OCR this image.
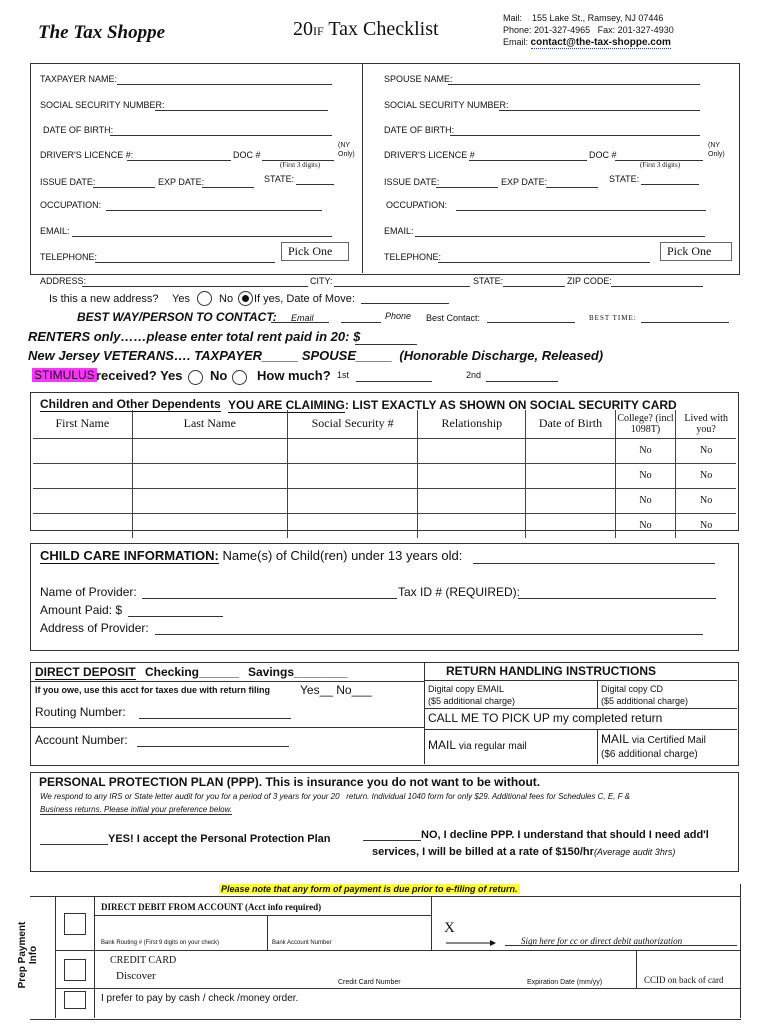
The Tax Shoppe	20IF Tax Checklist	Mail: 155 Lake St., Ramsey, NJ 07446
Phone: 201-327-4965 Fax: 201-327-4930
Email: contact@the-tax-shoppe.com
TAXPAYER NAME:
SOCIAL SECURITY NUMBER:
DATE OF BIRTH:
DRIVER'S LICENCE #:	DOC #
(First 3 digits)
(NY Only)
ISSUE DATE:	EXP DATE:	STATE:
OCCUPATION:
EMAIL:
TELEPHONE:	Pick One
SPOUSE NAME:
SOCIAL SECURITY NUMBER:
DATE OF BIRTH:
DRIVER'S LICENCE #	DOC #
(First 3 digits)
(NY Only)
ISSUE DATE:	EXP DATE:	STATE:
OCCUPATION:
EMAIL:
TELEPHONE:	Pick One
ADDRESS:	CITY:	STATE:	ZIP CODE:
Is this a new address? Yes	No If yes, Date of Move:
BEST WAY/PERSON TO CONTACT: Email	Phone Best Contact:	BEST TIME:
RENTERS only……please enter total rent paid in 20: $
New Jersey VETERANS…. TAXPAYER_____ SPOUSE_____  (Honorable Discharge, Released)
STIMULUS received? Yes No How much? 1st	2nd
Children and Other Dependents YOU ARE CLAIMING: LIST EXACTLY AS SHOWN ON SOCIAL SECURITY CARD
First Name	Last Name	Social Security #	Relationship	Date of Birth	College? (incl 1098T)	Lived with you?
					No	No
					No	No
					No	No
					No	No
CHILD CARE INFORMATION: Name(s) of Child(ren) under 13 years old:
Name of Provider:	Tax ID # (REQUIRED):
Amount Paid: $
Address of Provider:
DIRECT DEPOSIT Checking______ Savings________
If you owe, use this acct for taxes due with return filing Yes__ No___
Routing Number:
Account Number:
RETURN HANDLING INSTRUCTIONS
Digital copy EMAIL
($5 additional charge)
Digital copy CD
($5 additional charge)
CALL ME TO PICK UP my completed return
MAIL via regular mail
MAIL via Certified Mail
($6 additional charge)
PERSONAL PROTECTION PLAN (PPP). This is insurance you do not want to be without.
We respond to any IRS or State letter audit for you for a period of 3 years for your 20 return. Individual 1040 form for only $29. Additional fees for Schedules C, E, F &
Business returns. Please initial your preference below.
YES! I accept the Personal Protection Plan	NO, I decline PPP. I understand that should I need add'l
services, I will be billed at a rate of $150/hr(Average audit 3hrs)
Please note that any form of payment is due prior to e-filing of return.
Prep Payment Info
DIRECT DEBIT FROM ACCOUNT (Acct info required)
Bank Routing # (First 9 digits on your check)	Bank Account Number
X
Sign here for cc or direct debit authorization
CREDIT CARD
Discover
Credit Card Number	Expiration Date (mm/yy)	CCID on back of card
I prefer to pay by cash / check /money order.
